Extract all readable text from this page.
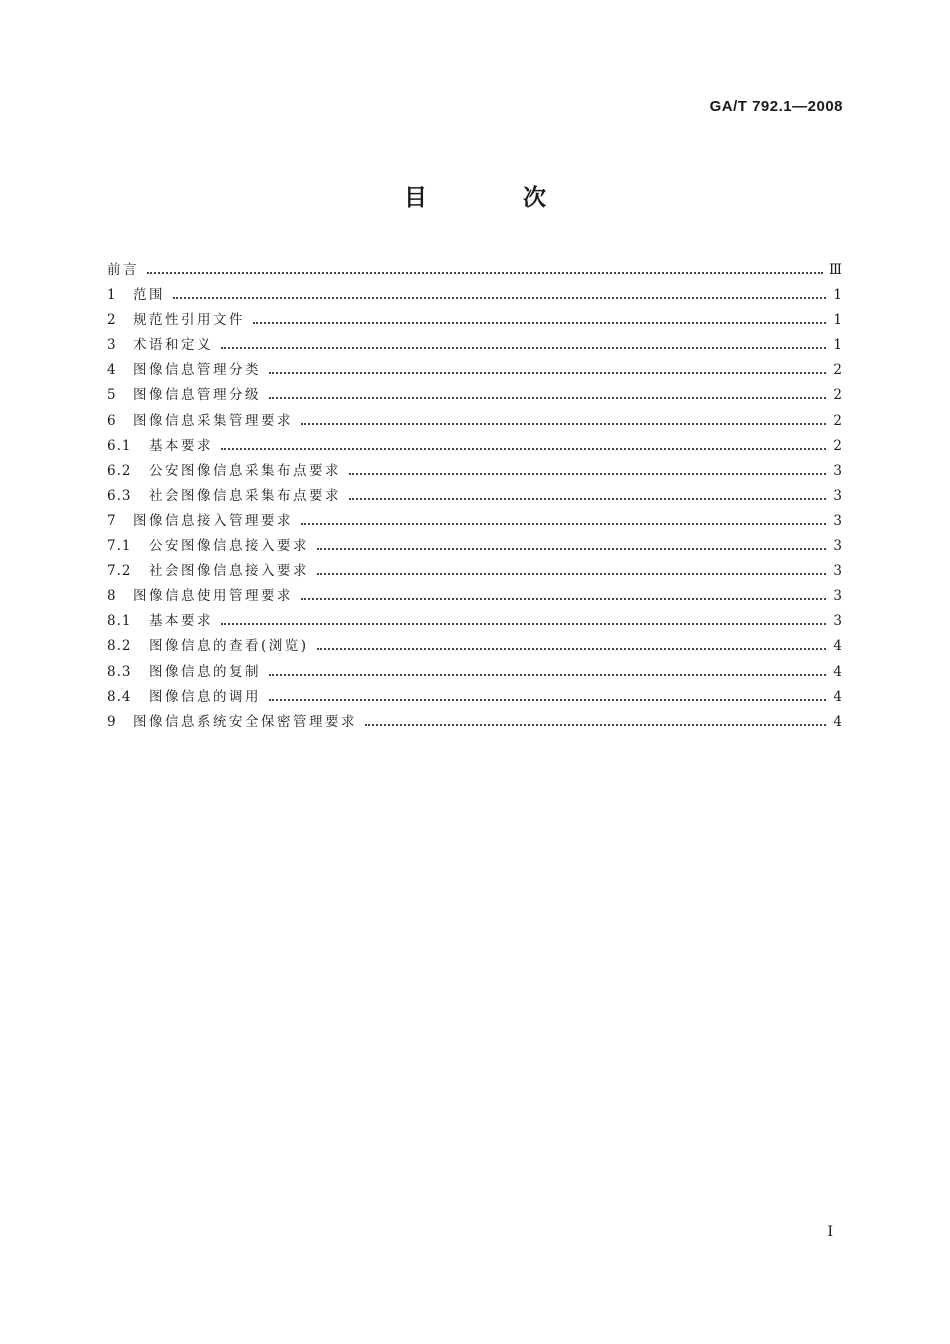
GA/T 792.1—2008
目 次
前言	Ⅲ
1	范围	1
2	规范性引用文件	1
3	术语和定义	1
4	图像信息管理分类	2
5	图像信息管理分级	2
6	图像信息采集管理要求	2
6.1	基本要求	2
6.2	公安图像信息采集布点要求	3
6.3	社会图像信息采集布点要求	3
7	图像信息接入管理要求	3
7.1	公安图像信息接入要求	3
7.2	社会图像信息接入要求	3
8	图像信息使用管理要求	3
8.1	基本要求	3
8.2	图像信息的查看(浏览)	4
8.3	图像信息的复制	4
8.4	图像信息的调用	4
9	图像信息系统安全保密管理要求	4
I
